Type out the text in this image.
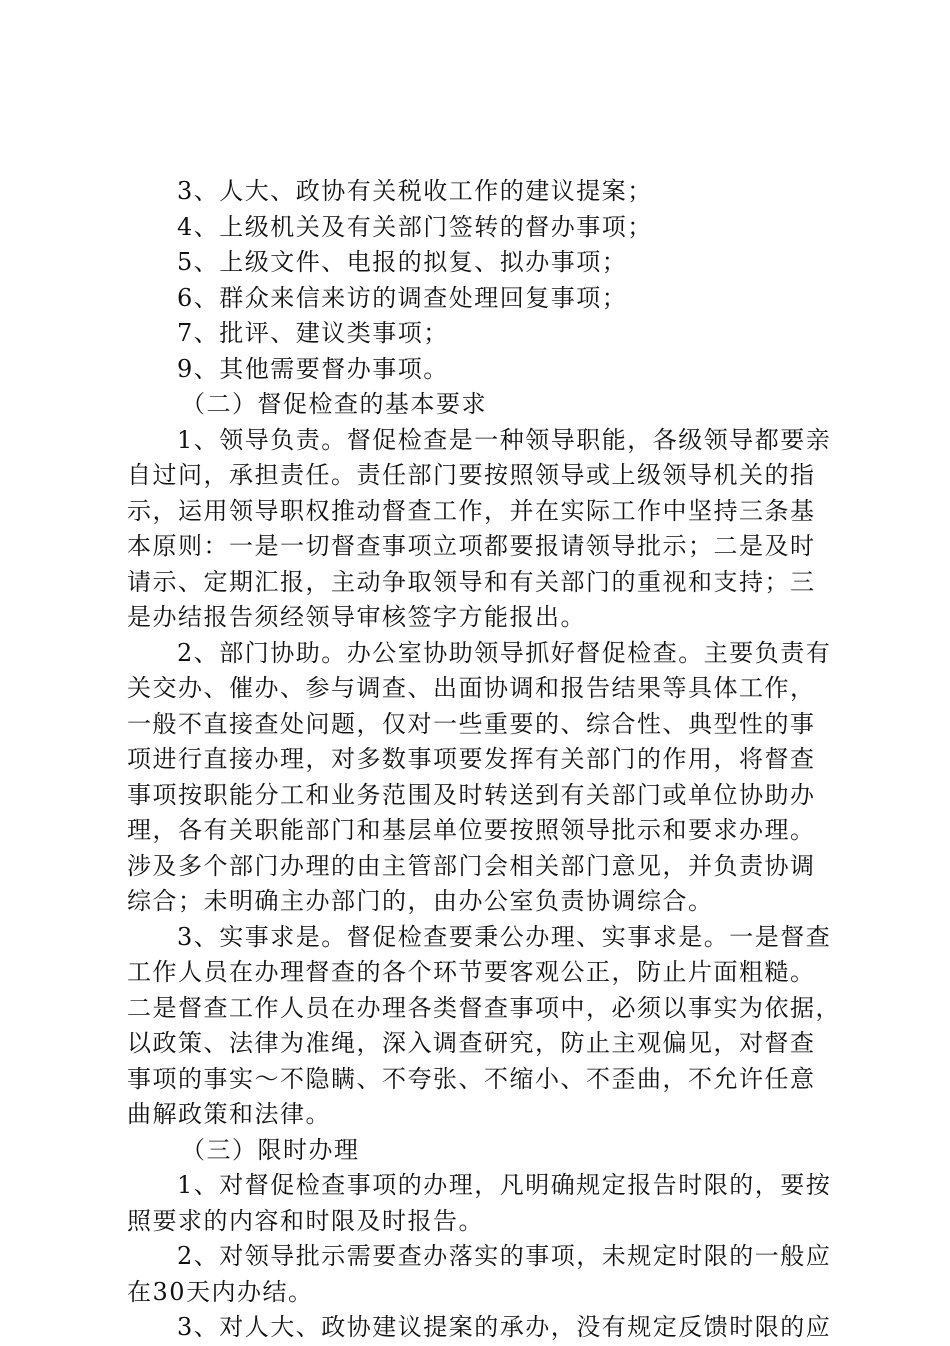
3、人大、政协有关税收工作的建议提案；

4、上级机关及有关部门签转的督办事项；

5、上级文件、电报的拟复、拟办事项；

6、群众来信来访的调查处理回复事项；

7、批评、建议类事项；

9、其他需要督办事项。

（二）督促检查的基本要求

1、领导负责。督促检查是一种领导职能，各级领导都要亲

自过问，承担责任。责任部门要按照领导或上级领导机关的指

示，运用领导职权推动督查工作，并在实际工作中坚持三条基

本原则：一是一切督查事项立项都要报请领导批示；二是及时

请示、定期汇报，主动争取领导和有关部门的重视和支持；三

是办结报告须经领导审核签字方能报出。

2、部门协助。办公室协助领导抓好督促检查。主要负责有

关交办、催办、参与调查、出面协调和报告结果等具体工作，

一般不直接查处问题，仅对一些重要的、综合性、典型性的事

项进行直接办理，对多数事项要发挥有关部门的作用，将督查

事项按职能分工和业务范围及时转送到有关部门或单位协助办

理，各有关职能部门和基层单位要按照领导批示和要求办理。

涉及多个部门办理的由主管部门会相关部门意见，并负责协调

综合；未明确主办部门的，由办公室负责协调综合。

3、实事求是。督促检查要秉公办理、实事求是。一是督查

工作人员在办理督查的各个环节要客观公正，防止片面粗糙。

二是督查工作人员在办理各类督查事项中，必须以事实为依据，

以政策、法律为准绳，深入调查研究，防止主观偏见，对督查

事项的事实～不隐瞒、不夸张、不缩小、不歪曲，不允许任意

曲解政策和法律。

（三）限时办理

1、对督促检查事项的办理，凡明确规定报告时限的，要按

照要求的内容和时限及时报告。

2、对领导批示需要查办落实的事项，未规定时限的一般应

在30天内办结。

3、对人大、政协建议提案的承办，没有规定反馈时限的应
